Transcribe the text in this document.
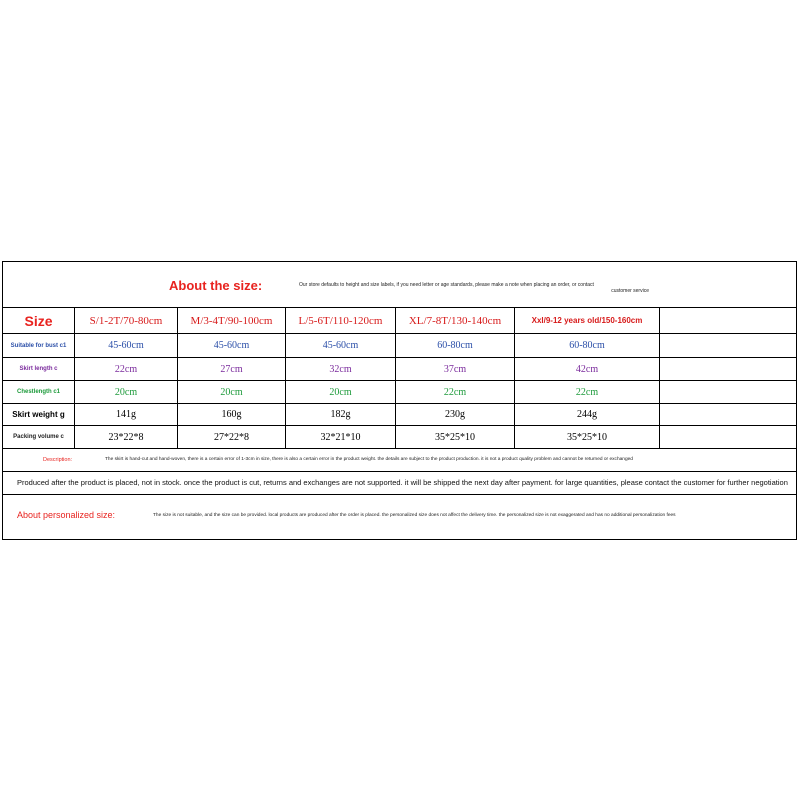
About the size:	Our store defaults to height and size labels, if you need letter or age standards, please make a note when placing an order, or contact
customer service
Size	S/1-2T/70-80cm	M/3-4T/90-100cm	L/5-6T/110-120cm	XL/7-8T/130-140cm	Xxl/9-12 years old/150-160cm
Suitable for bust c1	45-60cm	45-60cm	45-60cm	60-80cm	60-80cm
Skirt length c	22cm	27cm	32cm	37cm	42cm
Chestlength c1	20cm	20cm	20cm	22cm	22cm
Skirt weight g	141g	160g	182g	230g	244g
Packing volume c	23*22*8	27*22*8	32*21*10	35*25*10	35*25*10
Description:	The skirt is hand-cut and hand-woven, there is a certain error of 1-3cm in size, there is also a certain error in the product weight. the details are subject to the product production. it is not a product quality problem and cannot be returned or exchanged
Produced after the product is placed, not in stock. once the product is cut, returns and exchanges are not supported. it will be shipped the next day after payment. for large quantities, please contact the customer for further negotiation
About personalized size:	The size is not suitable, and the size can be provided. local products are produced after the order is placed. the personalized size does not affect the delivery time. the personalized size is not exaggerated and has no additional personalization fees
